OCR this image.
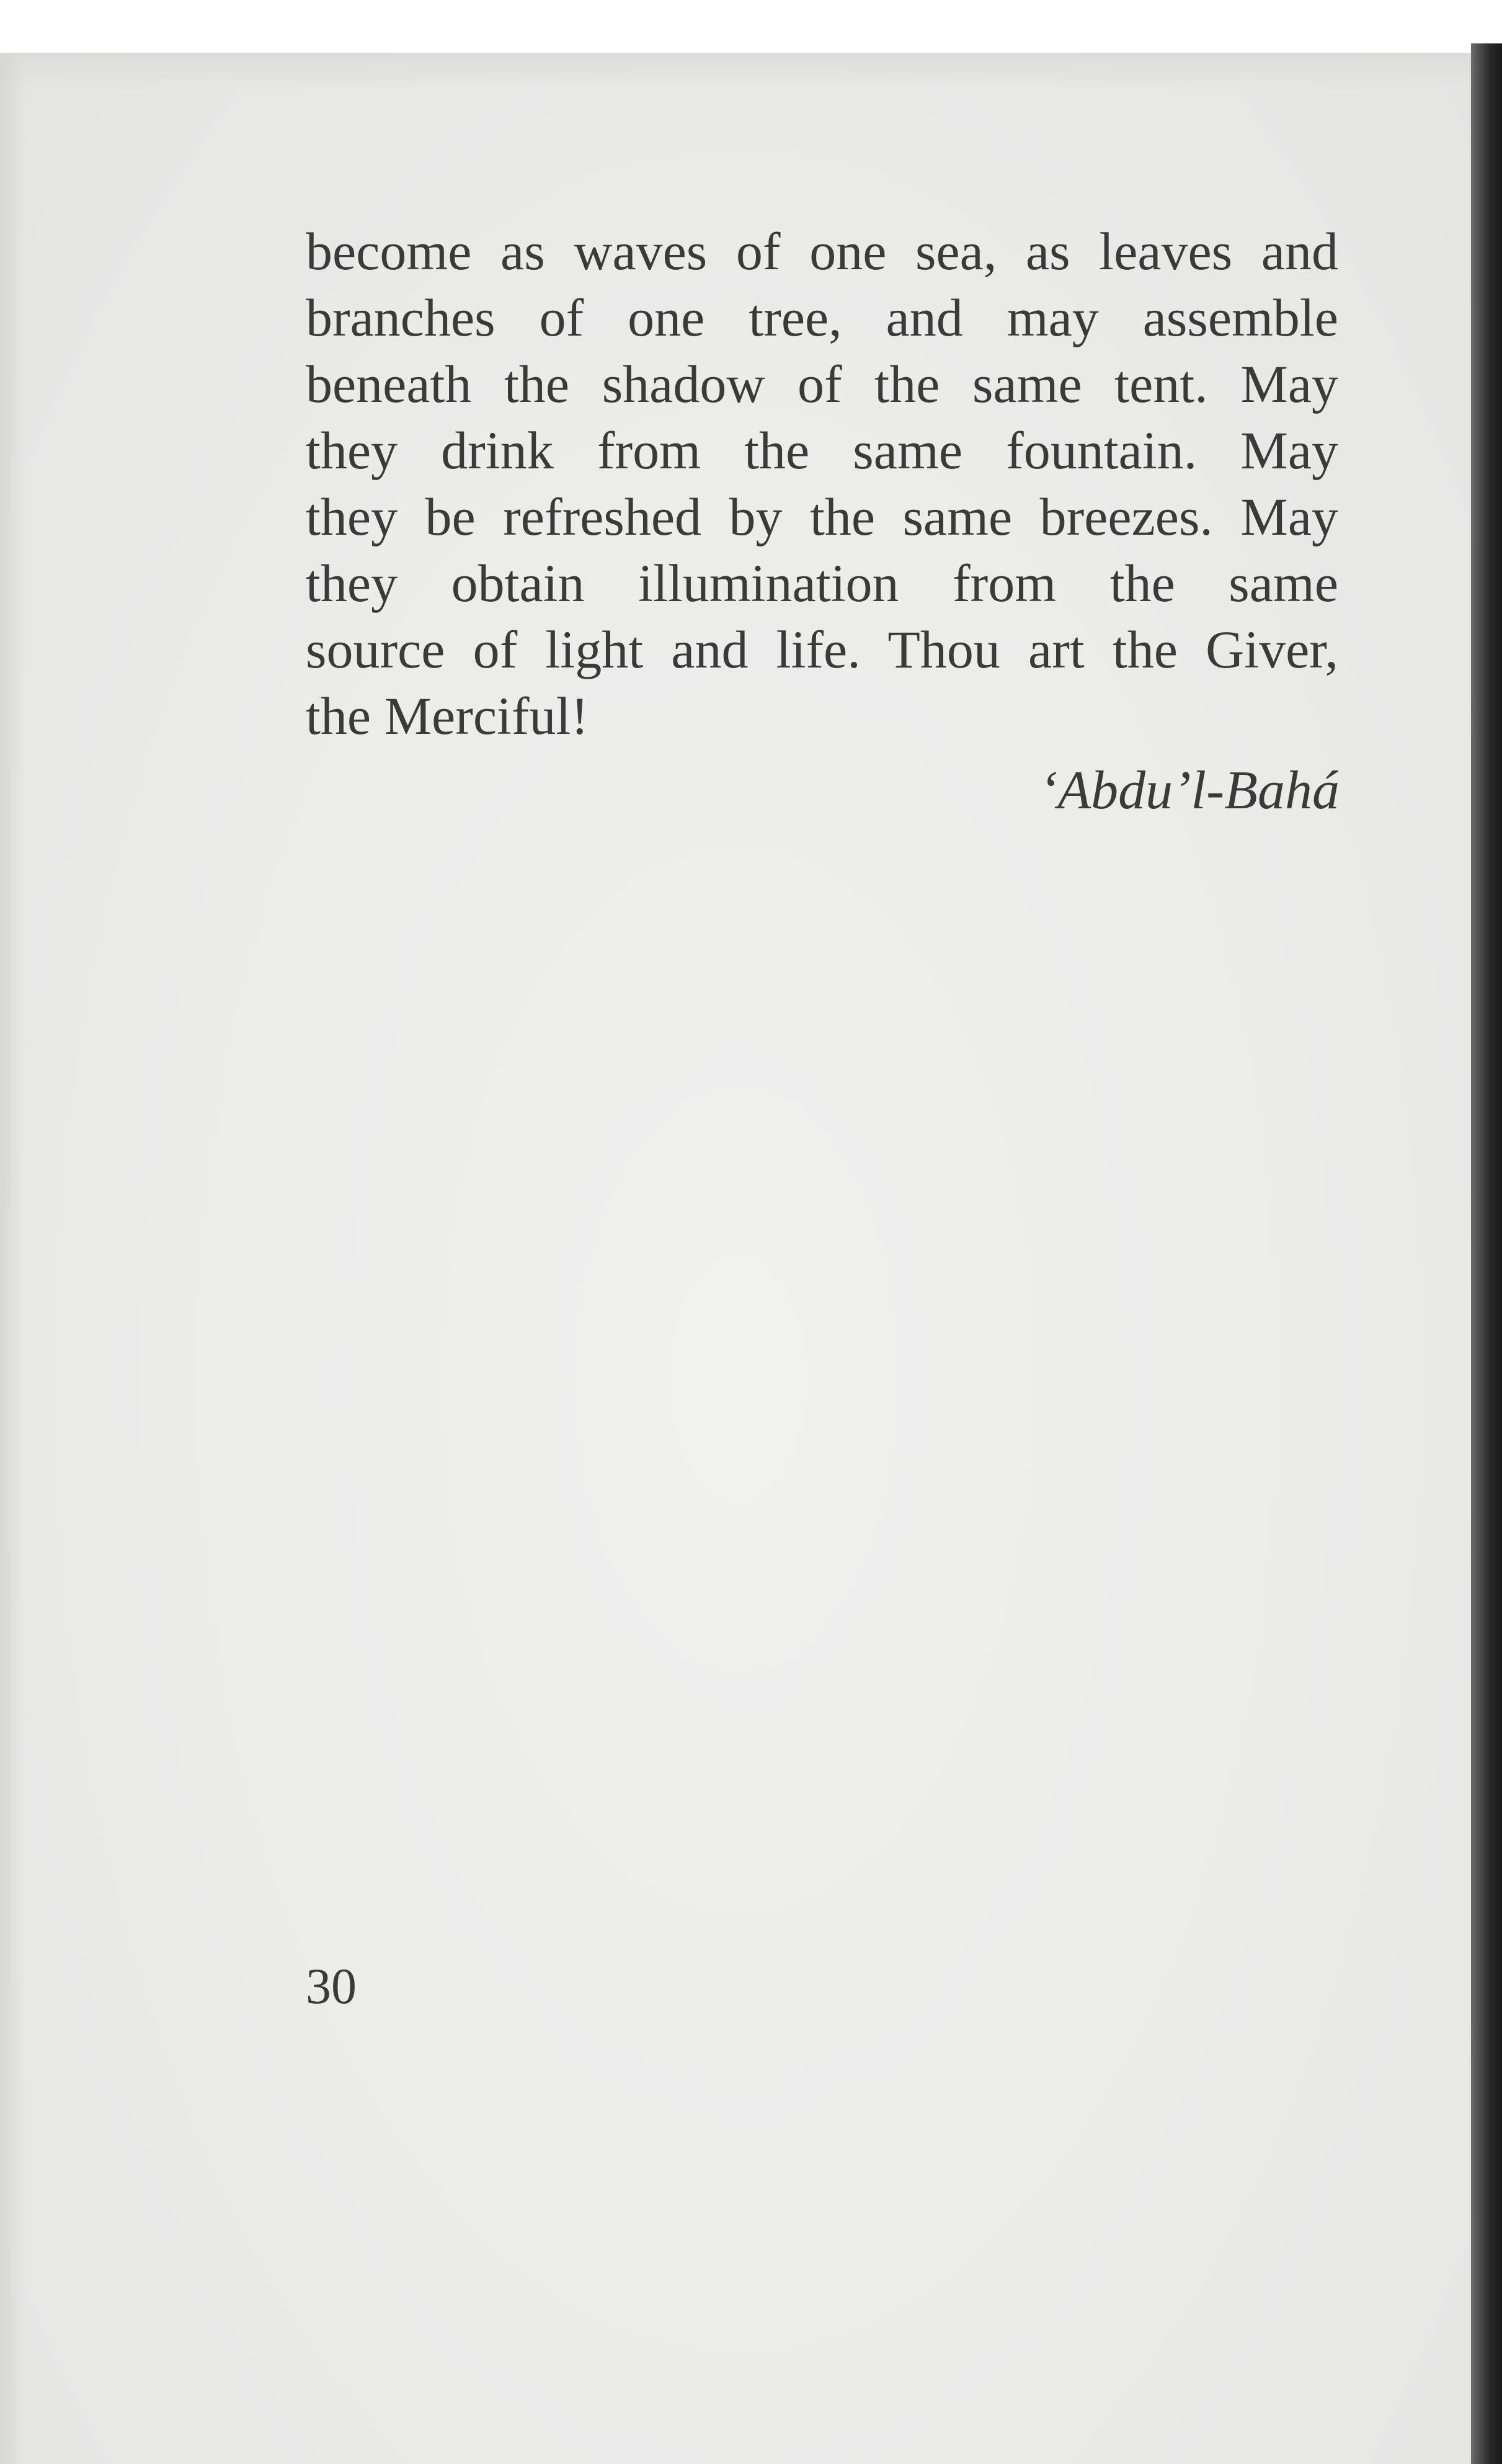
become as waves of one sea, as leaves and
branches of one tree, and may assemble
beneath the shadow of the same tent. May
they drink from the same fountain. May
they be refreshed by the same breezes. May
they obtain illumination from the same
source of light and life. Thou art the Giver,
the Merciful!
‘Abdu’l-Bahá
30
